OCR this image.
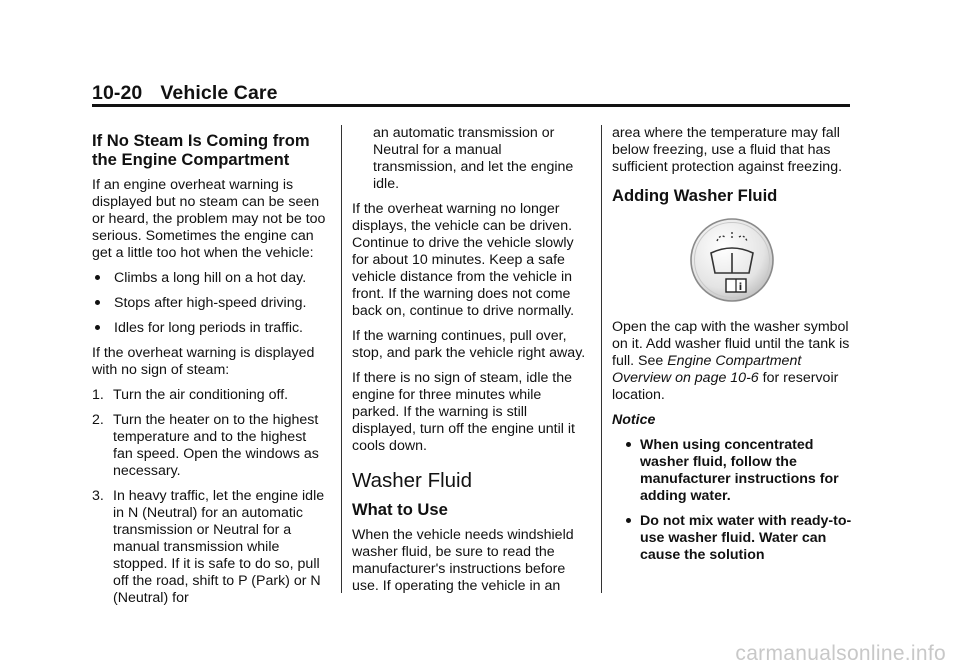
10-20 Vehicle Care
If No Steam Is Coming from the Engine Compartment

If an engine overheat warning is displayed but no steam can be seen or heard, the problem may not be too serious. Sometimes the engine can get a little too hot when the vehicle:

Climbs a long hill on a hot day.
Stops after high-speed driving.
Idles for long periods in traffic.

If the overheat warning is displayed with no sign of steam:

1. Turn the air conditioning off.
2. Turn the heater on to the highest temperature and to the highest fan speed. Open the windows as necessary.
3. In heavy traffic, let the engine idle in N (Neutral) for an automatic transmission or Neutral for a manual transmission while stopped. If it is safe to do so, pull off the road, shift to P (Park) or N (Neutral) for

an automatic transmission or Neutral for a manual transmission, and let the engine idle.

If the overheat warning no longer displays, the vehicle can be driven. Continue to drive the vehicle slowly for about 10 minutes. Keep a safe vehicle distance from the vehicle in front. If the warning does not come back on, continue to drive normally.

If the warning continues, pull over, stop, and park the vehicle right away.

If there is no sign of steam, idle the engine for three minutes while parked. If the warning is still displayed, turn off the engine until it cools down.

Washer Fluid
What to Use

When the vehicle needs windshield washer fluid, be sure to read the manufacturer's instructions before use. If operating the vehicle in an

area where the temperature may fall below freezing, use a fluid that has sufficient protection against freezing.

Adding Washer Fluid
i

Open the cap with the washer symbol on it. Add washer fluid until the tank is full. See Engine Compartment Overview on page 10-6 for reservoir location.

Notice

When using concentrated washer fluid, follow the manufacturer instructions for adding water.
Do not mix water with ready-to-use washer fluid. Water can cause the solution
carmanualsonline.info
